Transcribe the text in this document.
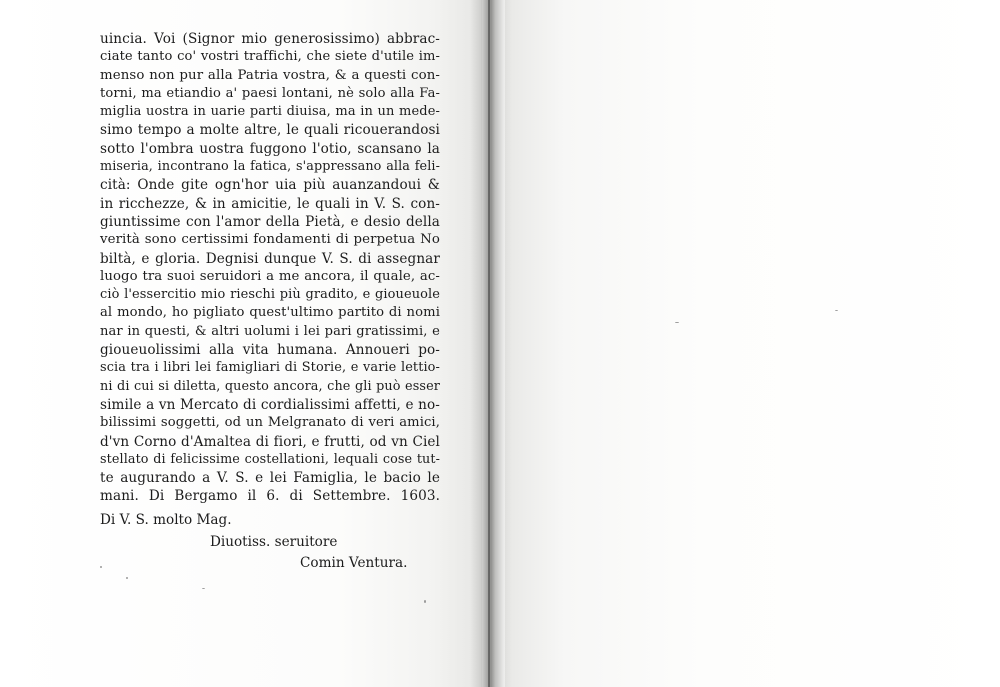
uincia. Voi (Signor mio generosissimo) abbrac-
ciate tanto co' vostri traffichi, che siete d'utile im-
menso non pur alla Patria vostra, & a questi con-
torni, ma etiandio a' paesi lontani, nè solo alla Fa-
miglia uostra in uarie parti diuisa, ma in un mede-
simo tempo a molte altre, le quali ricouerandosi
sotto l'ombra uostra fuggono l'otio, scansano la
miseria, incontrano la fatica, s'appressano alla feli-
cità: Onde gite ogn'hor uia più auanzandoui &
in ricchezze, & in amicitie, le quali in V. S. con-
giuntissime con l'amor della Pietà, e desio della
verità sono certissimi fondamenti di perpetua No
biltà, e gloria. Degnisi dunque V. S. di assegnar
luogo tra suoi seruidori a me ancora, il quale, ac-
ciò l'essercitio mio rieschi più gradito, e gioueuole
al mondo, ho pigliato quest'ultimo partito di nomi
nar in questi, & altri uolumi i lei pari gratissimi, e
gioueuolissimi alla vita humana. Annoueri po-
scia tra i libri lei famigliari di Storie, e varie lettio-
ni di cui si diletta, questo ancora, che gli può esser
simile a vn Mercato di cordialissimi affetti, e no-
bilissimi soggetti, od un Melgranato di veri amici,
d'vn Corno d'Amaltea di fiori, e frutti, od vn Ciel
stellato di felicissime costellationi, lequali cose tut-
te augurando a V. S. e lei Famiglia, le bacio le
mani. Di Bergamo il 6. di Settembre. 1603.
Di V. S. molto Mag.
Diuotiss. seruitore
Comin Ventura.
